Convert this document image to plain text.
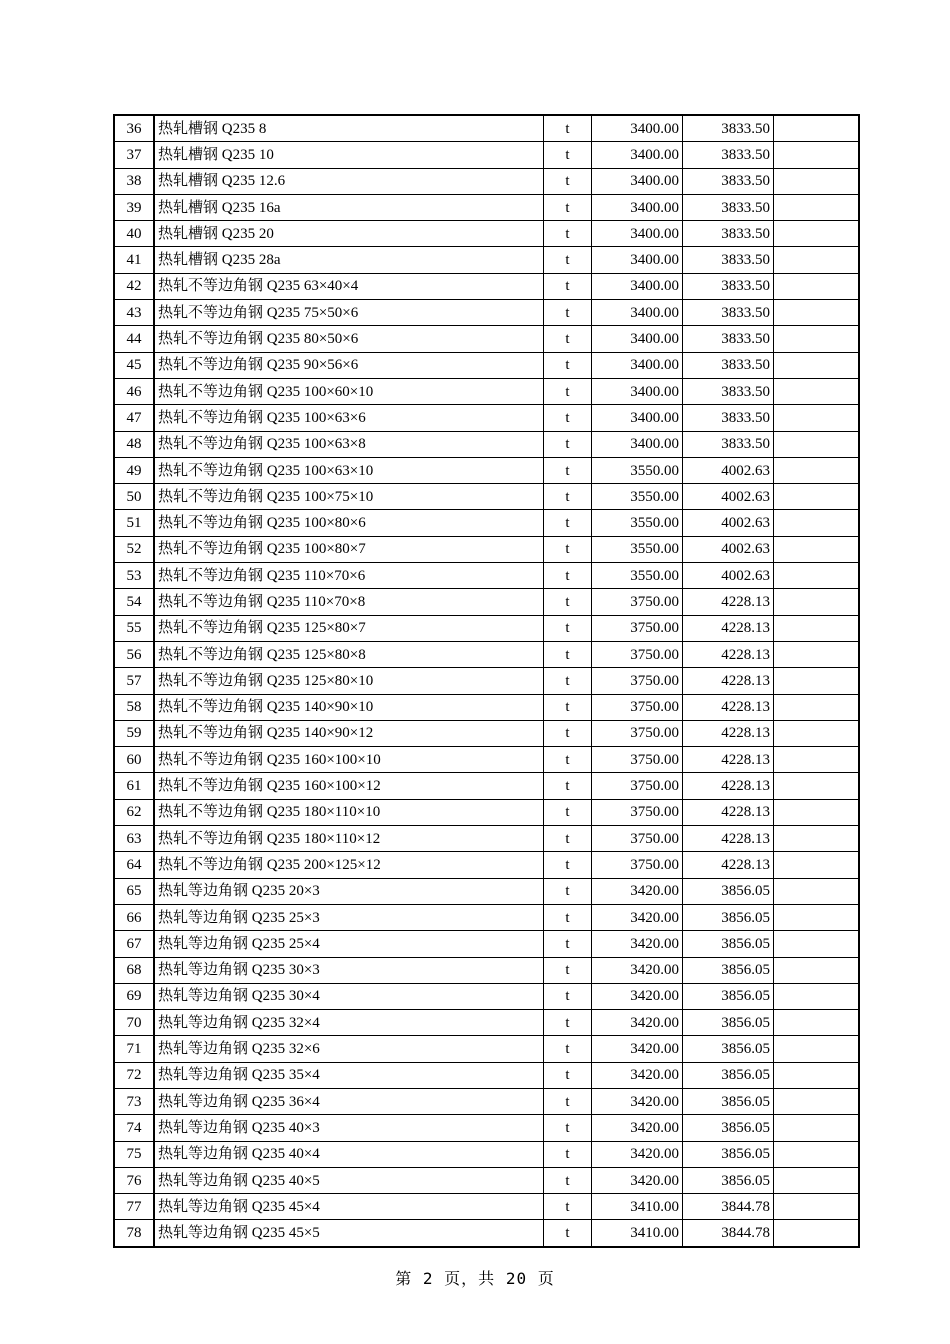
36	热轧槽钢 Q235 8	t	3400.00	3833.50	
37	热轧槽钢 Q235 10	t	3400.00	3833.50	
38	热轧槽钢 Q235 12.6	t	3400.00	3833.50	
39	热轧槽钢 Q235 16a	t	3400.00	3833.50	
40	热轧槽钢 Q235 20	t	3400.00	3833.50	
41	热轧槽钢 Q235 28a	t	3400.00	3833.50	
42	热轧不等边角钢 Q235 63×40×4	t	3400.00	3833.50	
43	热轧不等边角钢 Q235 75×50×6	t	3400.00	3833.50	
44	热轧不等边角钢 Q235 80×50×6	t	3400.00	3833.50	
45	热轧不等边角钢 Q235 90×56×6	t	3400.00	3833.50	
46	热轧不等边角钢 Q235 100×60×10	t	3400.00	3833.50	
47	热轧不等边角钢 Q235 100×63×6	t	3400.00	3833.50	
48	热轧不等边角钢 Q235 100×63×8	t	3400.00	3833.50	
49	热轧不等边角钢 Q235 100×63×10	t	3550.00	4002.63	
50	热轧不等边角钢 Q235 100×75×10	t	3550.00	4002.63	
51	热轧不等边角钢 Q235 100×80×6	t	3550.00	4002.63	
52	热轧不等边角钢 Q235 100×80×7	t	3550.00	4002.63	
53	热轧不等边角钢 Q235 110×70×6	t	3550.00	4002.63	
54	热轧不等边角钢 Q235 110×70×8	t	3750.00	4228.13	
55	热轧不等边角钢 Q235 125×80×7	t	3750.00	4228.13	
56	热轧不等边角钢 Q235 125×80×8	t	3750.00	4228.13	
57	热轧不等边角钢 Q235 125×80×10	t	3750.00	4228.13	
58	热轧不等边角钢 Q235 140×90×10	t	3750.00	4228.13	
59	热轧不等边角钢 Q235 140×90×12	t	3750.00	4228.13	
60	热轧不等边角钢 Q235 160×100×10	t	3750.00	4228.13	
61	热轧不等边角钢 Q235 160×100×12	t	3750.00	4228.13	
62	热轧不等边角钢 Q235 180×110×10	t	3750.00	4228.13	
63	热轧不等边角钢 Q235 180×110×12	t	3750.00	4228.13	
64	热轧不等边角钢 Q235 200×125×12	t	3750.00	4228.13	
65	热轧等边角钢 Q235 20×3	t	3420.00	3856.05	
66	热轧等边角钢 Q235 25×3	t	3420.00	3856.05	
67	热轧等边角钢 Q235 25×4	t	3420.00	3856.05	
68	热轧等边角钢 Q235 30×3	t	3420.00	3856.05	
69	热轧等边角钢 Q235 30×4	t	3420.00	3856.05	
70	热轧等边角钢 Q235 32×4	t	3420.00	3856.05	
71	热轧等边角钢 Q235 32×6	t	3420.00	3856.05	
72	热轧等边角钢 Q235 35×4	t	3420.00	3856.05	
73	热轧等边角钢 Q235 36×4	t	3420.00	3856.05	
74	热轧等边角钢 Q235 40×3	t	3420.00	3856.05	
75	热轧等边角钢 Q235 40×4	t	3420.00	3856.05	
76	热轧等边角钢 Q235 40×5	t	3420.00	3856.05	
77	热轧等边角钢 Q235 45×4	t	3410.00	3844.78	
78	热轧等边角钢 Q235 45×5	t	3410.00	3844.78	
第 2 页，共 20 页
